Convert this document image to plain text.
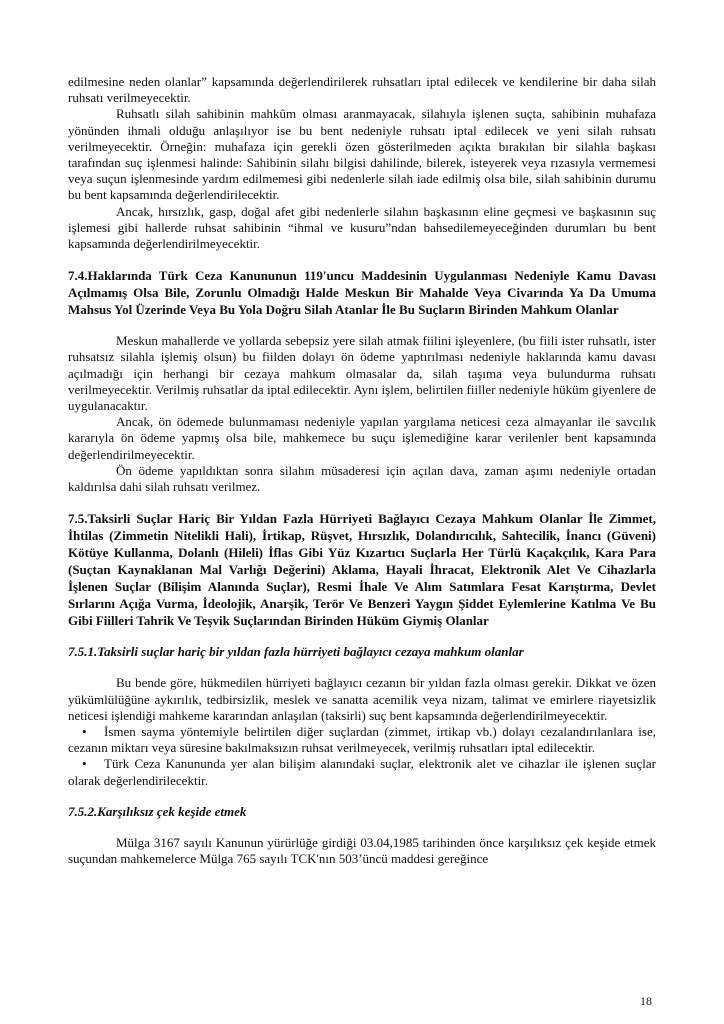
edilmesine neden olanlar” kapsamında değerlendirilerek ruhsatları iptal edilecek ve kendilerine bir daha silah ruhsatı verilmeyecektir.

Ruhsatlı silah sahibinin mahkûm olması aranmayacak, silahıyla işlenen suçta, sahibinin muhafaza yönünden ihmali olduğu anlaşılıyor ise bu bent nedeniyle ruhsatı iptal edilecek ve yeni silah ruhsatı verilmeyecektir. Örneğin: muhafaza için gerekli özen gösterilmeden açıkta bırakılan bir silahla başkası tarafından suç işlenmesi halinde: Sahibinin silahı bilgisi dahilinde, bilerek, isteyerek veya rızasıyla vermemesi veya suçun işlenmesinde yardım edilmemesi gibi nedenlerle silah iade edilmiş olsa bile, silah sahibinin durumu bu bent kapsamında değerlendirilecektir.

Ancak, hırsızlık, gasp, doğal afet gibi nedenlerle silahın başkasının eline geçmesi ve başkasının suç işlemesi gibi hallerde ruhsat sahibinin “ihmal ve kusuru”ndan bahsedilemeyeceğinden durumları bu bent kapsamında değerlendirilmeyecektir.

7.4.Haklarında Türk Ceza Kanununun 119'uncu Maddesinin Uygulanması Nedeniyle Kamu Davası Açılmamış Olsa Bile, Zorunlu Olmadığı Halde Meskun Bir Mahalde Veya Civarında Ya Da Umuma Mahsus Yol Üzerinde Veya Bu Yola Doğru Silah Atanlar İle Bu Suçların Birinden Mahkum Olanlar

Meskun mahallerde ve yollarda sebepsiz yere silah atmak fiilini işleyenlere, (bu fiili ister ruhsatlı, ister ruhsatsız silahla işlemiş olsun) bu fiilden dolayı ön ödeme yaptırılması nedeniyle haklarında kamu davası açılmadığı için herhangi bir cezaya mahkum olmasalar da, silah taşıma veya bulundurma ruhsatı verilmeyecektir. Verilmiş ruhsatlar da iptal edilecektir. Aynı işlem, belirtilen fiiller nedeniyle hüküm giyenlere de uygulanacaktır.

Ancak, ön ödemede bulunmaması nedeniyle yapılan yargılama neticesi ceza almayanlar ile savcılık kararıyla ön ödeme yapmış olsa bile, mahkemece bu suçu işlemediğine karar verilenler bent kapsamında değerlendirilmeyecektir.

Ön ödeme yapıldıktan sonra silahın müsaderesi için açılan dava, zaman aşımı nedeniyle ortadan kaldırılsa dahi silah ruhsatı verilmez.

7.5.Taksirli Suçlar Hariç Bir Yıldan Fazla Hürriyeti Bağlayıcı Cezaya Mahkum Olanlar İle Zimmet, İhtilas (Zimmetin Nitelikli Hali), İrtikap, Rüşvet, Hırsızlık, Dolandırıcılık, Sahtecilik, İnancı (Güveni) Kötüye Kullanma, Dolanlı (Hileli) İflas Gibi Yüz Kızartıcı Suçlarla Her Türlü Kaçakçılık, Kara Para (Suçtan Kaynaklanan Mal Varlığı Değerini) Aklama, Hayali İhracat, Elektronik Alet Ve Cihazlarla İşlenen Suçlar (Bilişim Alanında Suçlar), Resmi İhale Ve Alım Satımlara Fesat Karıştırma, Devlet Sırlarını Açığa Vurma, İdeolojik, Anarşik, Terör Ve Benzeri Yaygın Şiddet Eylemlerine Katılma Ve Bu Gibi Fiilleri Tahrik Ve Teşvik Suçlarından Birinden Hüküm Giymiş Olanlar
7.5.1.Taksirli suçlar hariç bir yıldan fazla hürriyeti bağlayıcı cezaya mahkum olanlar

Bu bende göre, hükmedilen hürriyeti bağlayıcı cezanın bir yıldan fazla olması gerekir. Dikkat ve özen yükümlülüğüne aykırılık, tedbirsizlik, meslek ve sanatta acemilik veya nizam, talimat ve emirlere riayetsizlik neticesi işlendiği mahkeme kararından anlaşılan (taksirli) suç bent kapsamında değerlendirilmeyecektir.

• İsmen sayma yöntemiyle belirtilen diğer suçlardan (zimmet, irtikap vb.) dolayı cezalandırılanlara ise, cezanın miktarı veya süresine bakılmaksızın ruhsat verilmeyecek, verilmiş ruhsatları iptal edilecektir.
• Türk Ceza Kanununda yer alan bilişim alanındaki suçlar, elektronik alet ve cihazlar ile işlenen suçlar olarak değerlendirilecektir.
7.5.2.Karşılıksız çek keşide etmek

Mülga 3167 sayılı Kanunun yürürlüğe girdiği 03.04,1985 tarihinden önce karşılıksız çek keşide etmek suçundan mahkemelerce Mülga 765 sayılı TCK'nın 503’üncü maddesi gereğince

18
